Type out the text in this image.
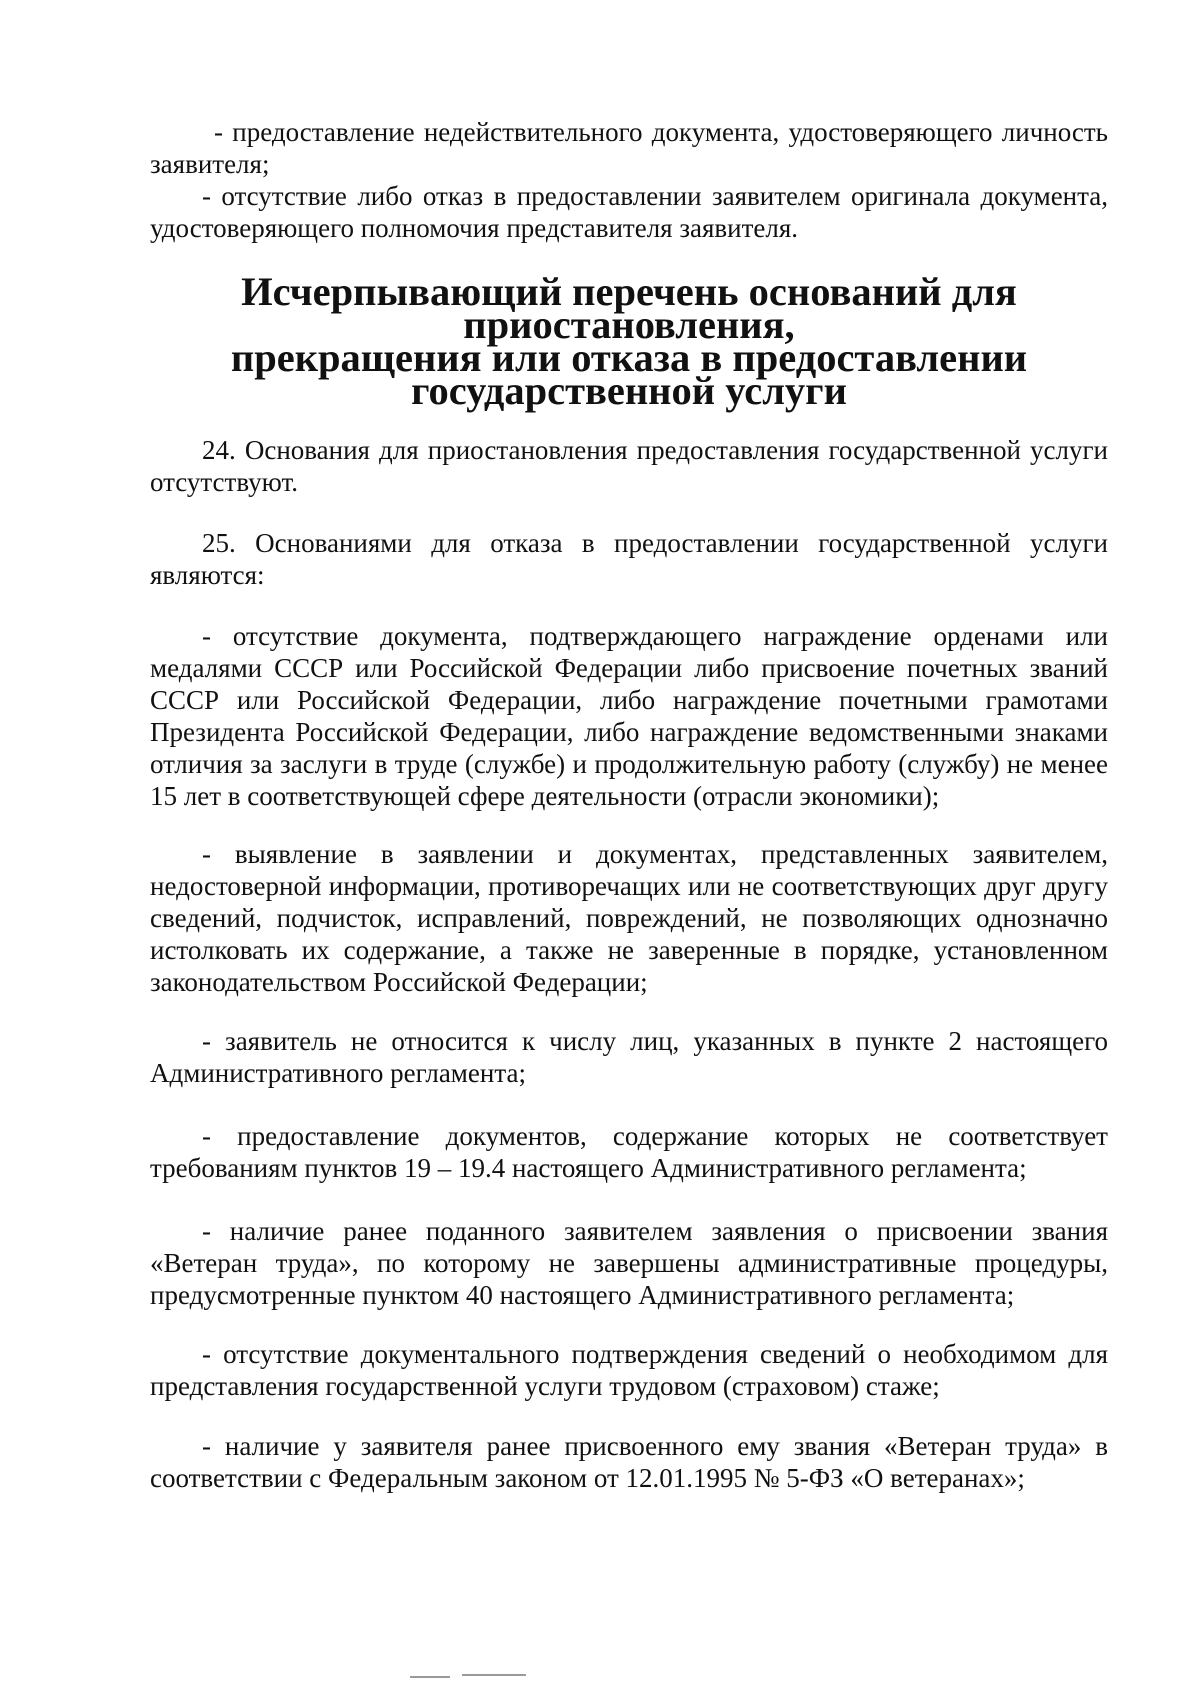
- предоставление недействительного документа, удостоверяющего личность заявителя;

- отсутствие либо отказ в предоставлении заявителем оригинала документа, удостоверяющего полномочия представителя заявителя.

Исчерпывающий перечень оснований для приостановления,
прекращения или отказа в предоставлении
государственной услуги

24. Основания для приостановления предоставления государственной услуги отсутствуют.

25. Основаниями для отказа в предоставлении государственной услуги являются:

- отсутствие документа, подтверждающего награждение орденами или медалями СССР или Российской Федерации либо присвоение почетных званий СССР или Российской Федерации, либо награждение почетными грамотами Президента Российской Федерации, либо награждение ведомственными знаками отличия за заслуги в труде (службе) и продолжительную работу (службу) не менее 15 лет в соответствующей сфере деятельности (отрасли экономики);

- выявление в заявлении и документах, представленных заявителем, недостоверной информации, противоречащих или не соответствующих друг другу сведений, подчисток, исправлений, повреждений, не позволяющих однозначно истолковать их содержание, а также не заверенные в порядке, установленном законодательством Российской Федерации;

- заявитель не относится к числу лиц, указанных в пункте 2 настоящего Административного регламента;

- предоставление документов, содержание которых не соответствует требованиям пунктов 19 – 19.4 настоящего Административного регламента;

- наличие ранее поданного заявителем заявления о присвоении звания «Ветеран труда», по которому не завершены административные процедуры, предусмотренные пунктом 40 настоящего Административного регламента;

- отсутствие документального подтверждения сведений о необходимом для представления государственной услуги трудовом (страховом) стаже;

- наличие у заявителя ранее присвоенного ему звания «Ветеран труда» в соответствии с Федеральным законом от 12.01.1995 № 5-ФЗ «О ветеранах»;
